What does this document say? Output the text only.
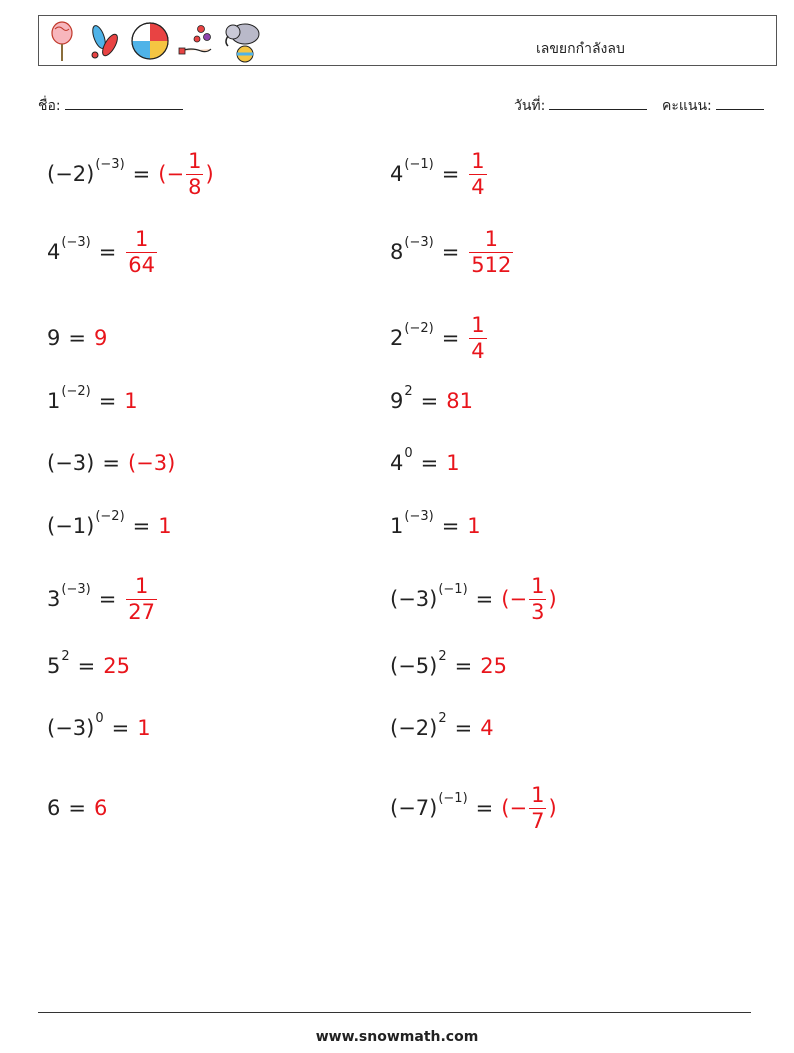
เลขยกกำลังลบ
ชื่อ:	วันที่:	คะแนน:
(−2) (−3) = (− $\frac{1}{8}$ )
4 $(-3) = \frac{1}{64}$
9 = 9
1 (−2) = 1
(−3) = (−3)
(−1) (−2) = 1
3 $(-3) = \frac{1}{27}$
5 2 = 25
(−3) 0 = 1
6 = 6
4 $(-1) = \frac{1}{4}$
8 $(-3) = \frac{1}{512}$
2 $(-2) = \frac{1}{4}$
9 2 = 81
4 0 = 1
1 (−3) = 1
(−3) (−1) = (− $\frac{1}{3}$ )
(−5) 2 = 25
(−2) 2 = 4
(−7) (−1) = (− $\frac{1}{7}$ )
www.snowmath.com
